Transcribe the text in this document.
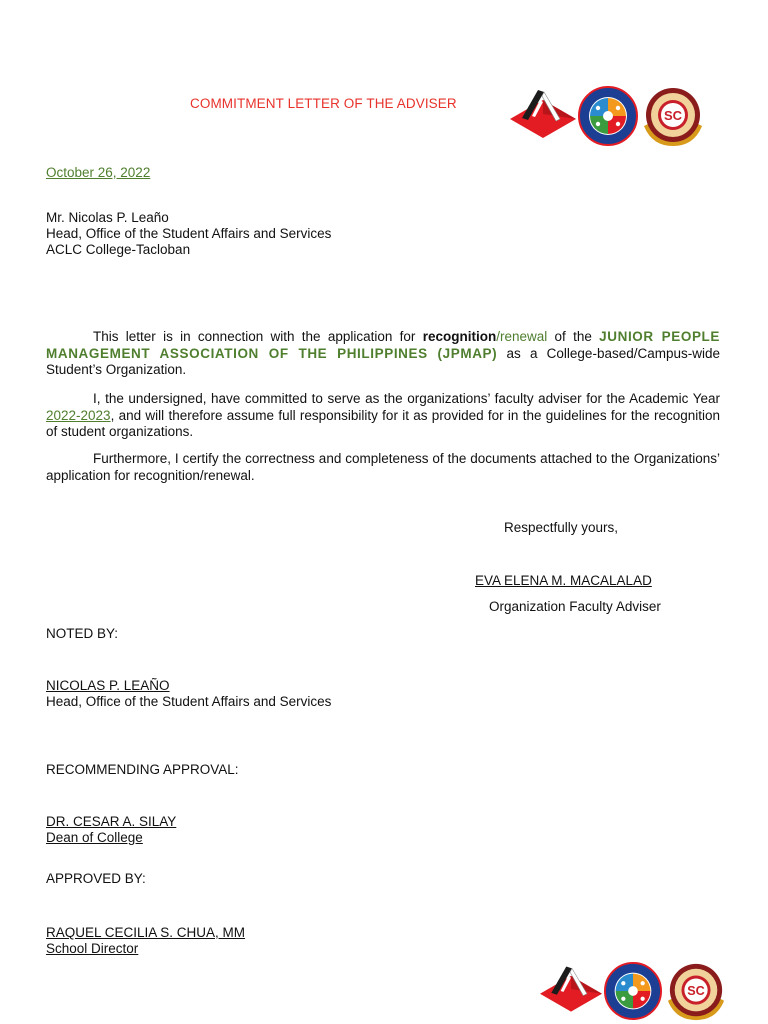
COMMITMENT LETTER OF THE ADVISER
SC
October 26, 2022
Mr. Nicolas P. Leaño
Head, Office of the Student Affairs and Services
ACLC College-Tacloban
This letter is in connection with the application for recognition/renewal of the JUNIOR PEOPLE MANAGEMENT ASSOCIATION OF THE PHILIPPINES (JPMAP) as a College-based/Campus-wide Student’s Organization.
I, the undersigned, have committed to serve as the organizations’ faculty adviser for the Academic Year 2022-2023, and will therefore assume full responsibility for it as provided for in the guidelines for the recognition of student organizations.
Furthermore, I certify the correctness and completeness of the documents attached to the Organizations’ application for recognition/renewal.
Respectfully yours,
EVA ELENA M. MACALALAD
Organization Faculty Adviser
NOTED BY:
NICOLAS P. LEAÑO
Head, Office of the Student Affairs and Services
RECOMMENDING APPROVAL:
DR. CESAR A. SILAY
Dean of College
APPROVED BY:
RAQUEL CECILIA S. CHUA, MM
School Director
SC
